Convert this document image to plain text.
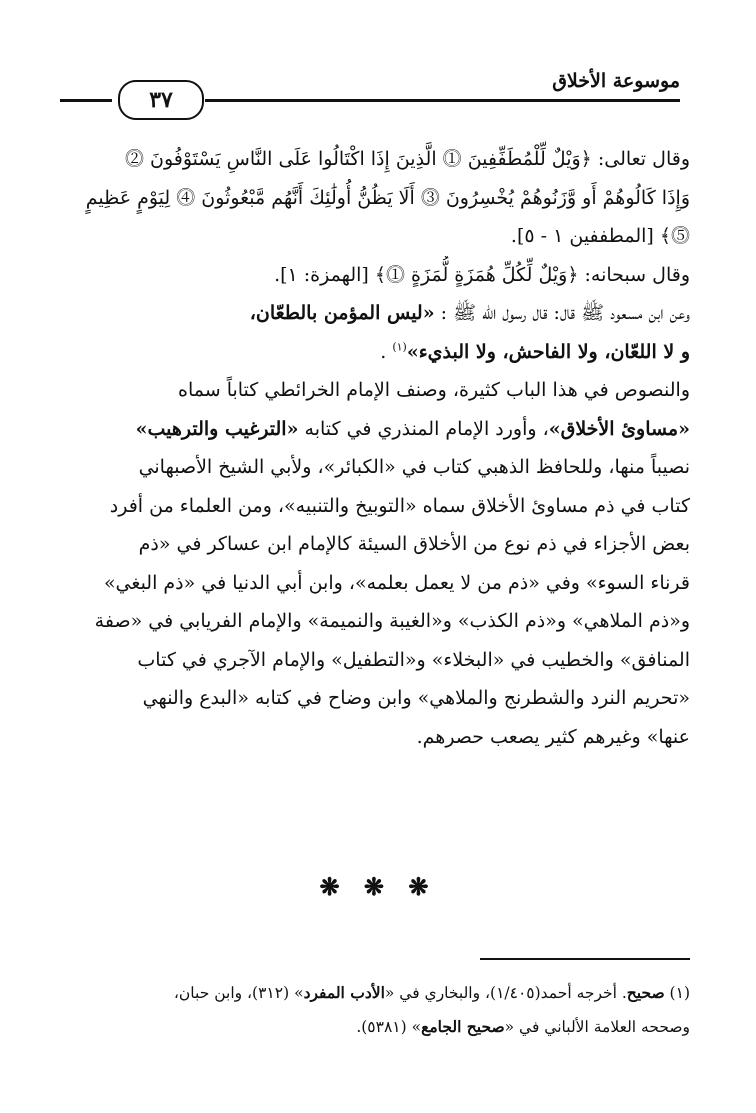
موسوعة الأخلاق
٣٧
وقال تعالى: ﴿وَيْلٌ لِّلْمُطَفِّفِينَ ⓵ الَّذِينَ إِذَا اكْتَالُوا عَلَى النَّاسِ يَسْتَوْفُونَ ⓶
وَإِذَا كَالُوهُمْ أَو وَّزَنُوهُمْ يُخْسِرُونَ ⓷ أَلَا يَظُنُّ أُولَٰئِكَ أَنَّهُم مَّبْعُوثُونَ ⓸ لِيَوْمٍ عَظِيمٍ
⓹﴾ [المطففين ١ - ٥].
وقال سبحانه: ﴿وَيْلٌ لِّكُلِّ هُمَزَةٍ لُّمَزَةٍ ⓵﴾ [الهمزة: ١].
وعن ابن مسعود ﷺ قال: قال رسول الله ﷺ : «ليس المؤمن بالطعّان،
و لا اللعّان، ولا الفاحش، ولا البذيء»$^{(١)}$ .
والنصوص في هذا الباب كثيرة، وصنف الإمام الخرائطي كتاباً سماه
«مساوئ الأخلاق»، وأورد الإمام المنذري في كتابه «الترغيب والترهيب»
نصيباً منها، وللحافظ الذهبي كتاب في «الكبائر»، ولأبي الشيخ الأصبهاني
كتاب في ذم مساوئ الأخلاق سماه «التوبيخ والتنبيه»، ومن العلماء من أفرد
بعض الأجزاء في ذم نوع من الأخلاق السيئة كالإمام ابن عساكر في «ذم
قرناء السوء» وفي «ذم من لا يعمل بعلمه»، وابن أبي الدنيا في «ذم البغي»
و«ذم الملاهي» و«ذم الكذب» و«الغيبة والنميمة» والإمام الفريابي في «صفة
المنافق» والخطيب في «البخلاء» و«التطفيل» والإمام الآجري في كتاب
«تحريم النرد والشطرنج والملاهي» وابن وضاح في كتابه «البدع والنهي
عنها» وغيرهم كثير يصعب حصرهم.
❋ ❋ ❋
(١) صحيح. أخرجه أحمد(١/٤٠٥)، والبخاري في «الأدب المفرد» (٣١٢)، وابن حبان،
وصححه العلامة الألباني في «صحيح الجامع» (٥٣٨١).
